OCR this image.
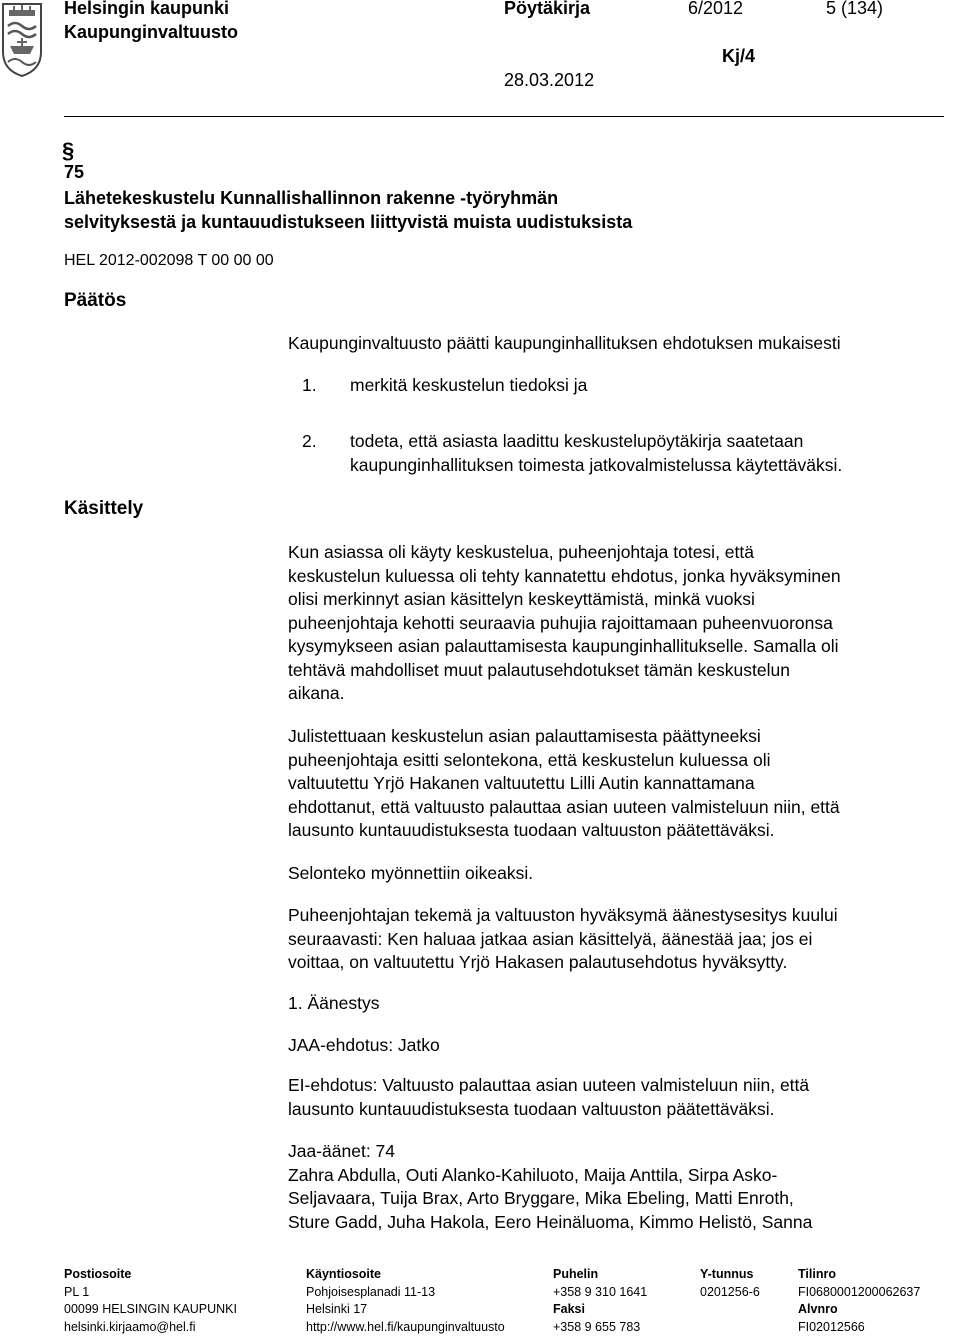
Helsingin kaupunki
Kaupunginvaltuusto
Pöytäkirja	6/2012	5 (134)
Kj/4
28.03.2012
§
75
Lähetekeskustelu Kunnallishallinnon rakenne -työryhmän
selvityksestä ja kuntauudistukseen liittyvistä muista uudistuksista
HEL 2012-002098 T 00 00 00
Päätös
Kaupunginvaltuusto päätti kaupunginhallituksen ehdotuksen mukaisesti
1. merkitä keskustelun tiedoksi ja
2. todeta, että asiasta laadittu keskustelupöytäkirja saatetaan
kaupunginhallituksen toimesta jatkovalmistelussa käytettäväksi.
Käsittely
Kun asiassa oli käyty keskustelua, puheenjohtaja totesi, että
keskustelun kuluessa oli tehty kannatettu ehdotus, jonka hyväksyminen
olisi merkinnyt asian käsittelyn keskeyttämistä, minkä vuoksi
puheenjohtaja kehotti seuraavia puhujia rajoittamaan puheenvuoronsa
kysymykseen asian palauttamisesta kaupunginhallitukselle. Samalla oli
tehtävä mahdolliset muut palautusehdotukset tämän keskustelun
aikana.
Julistettuaan keskustelun asian palauttamisesta päättyneeksi
puheenjohtaja esitti selontekona, että keskustelun kuluessa oli
valtuutettu Yrjö Hakanen valtuutettu Lilli Autin kannattamana
ehdottanut, että valtuusto palauttaa asian uuteen valmisteluun niin, että
lausunto kuntauudistuksesta tuodaan valtuuston päätettäväksi.
Selonteko myönnettiin oikeaksi.
Puheenjohtajan tekemä ja valtuuston hyväksymä äänestysesitys kuului
seuraavasti: Ken haluaa jatkaa asian käsittelyä, äänestää jaa; jos ei
voittaa, on valtuutettu Yrjö Hakasen palautusehdotus hyväksytty.
1. Äänestys
JAA-ehdotus: Jatko
EI-ehdotus: Valtuusto palauttaa asian uuteen valmisteluun niin, että
lausunto kuntauudistuksesta tuodaan valtuuston päätettäväksi.
Jaa-äänet: 74
Zahra Abdulla, Outi Alanko-Kahiluoto, Maija Anttila, Sirpa Asko-
Seljavaara, Tuija Brax, Arto Bryggare, Mika Ebeling, Matti Enroth,
Sture Gadd, Juha Hakola, Eero Heinäluoma, Kimmo Helistö, Sanna
Postiosoite
PL 1
00099 HELSINGIN KAUPUNKI
helsinki.kirjaamo@hel.fi
Käyntiosoite
Pohjoisesplanadi 11-13
Helsinki 17
http://www.hel.fi/kaupunginvaltuusto
Puhelin
+358 9 310 1641
Faksi
+358 9 655 783
Y-tunnus
0201256-6
Tilinro
FI0680001200062637
Alvnro
FI02012566
